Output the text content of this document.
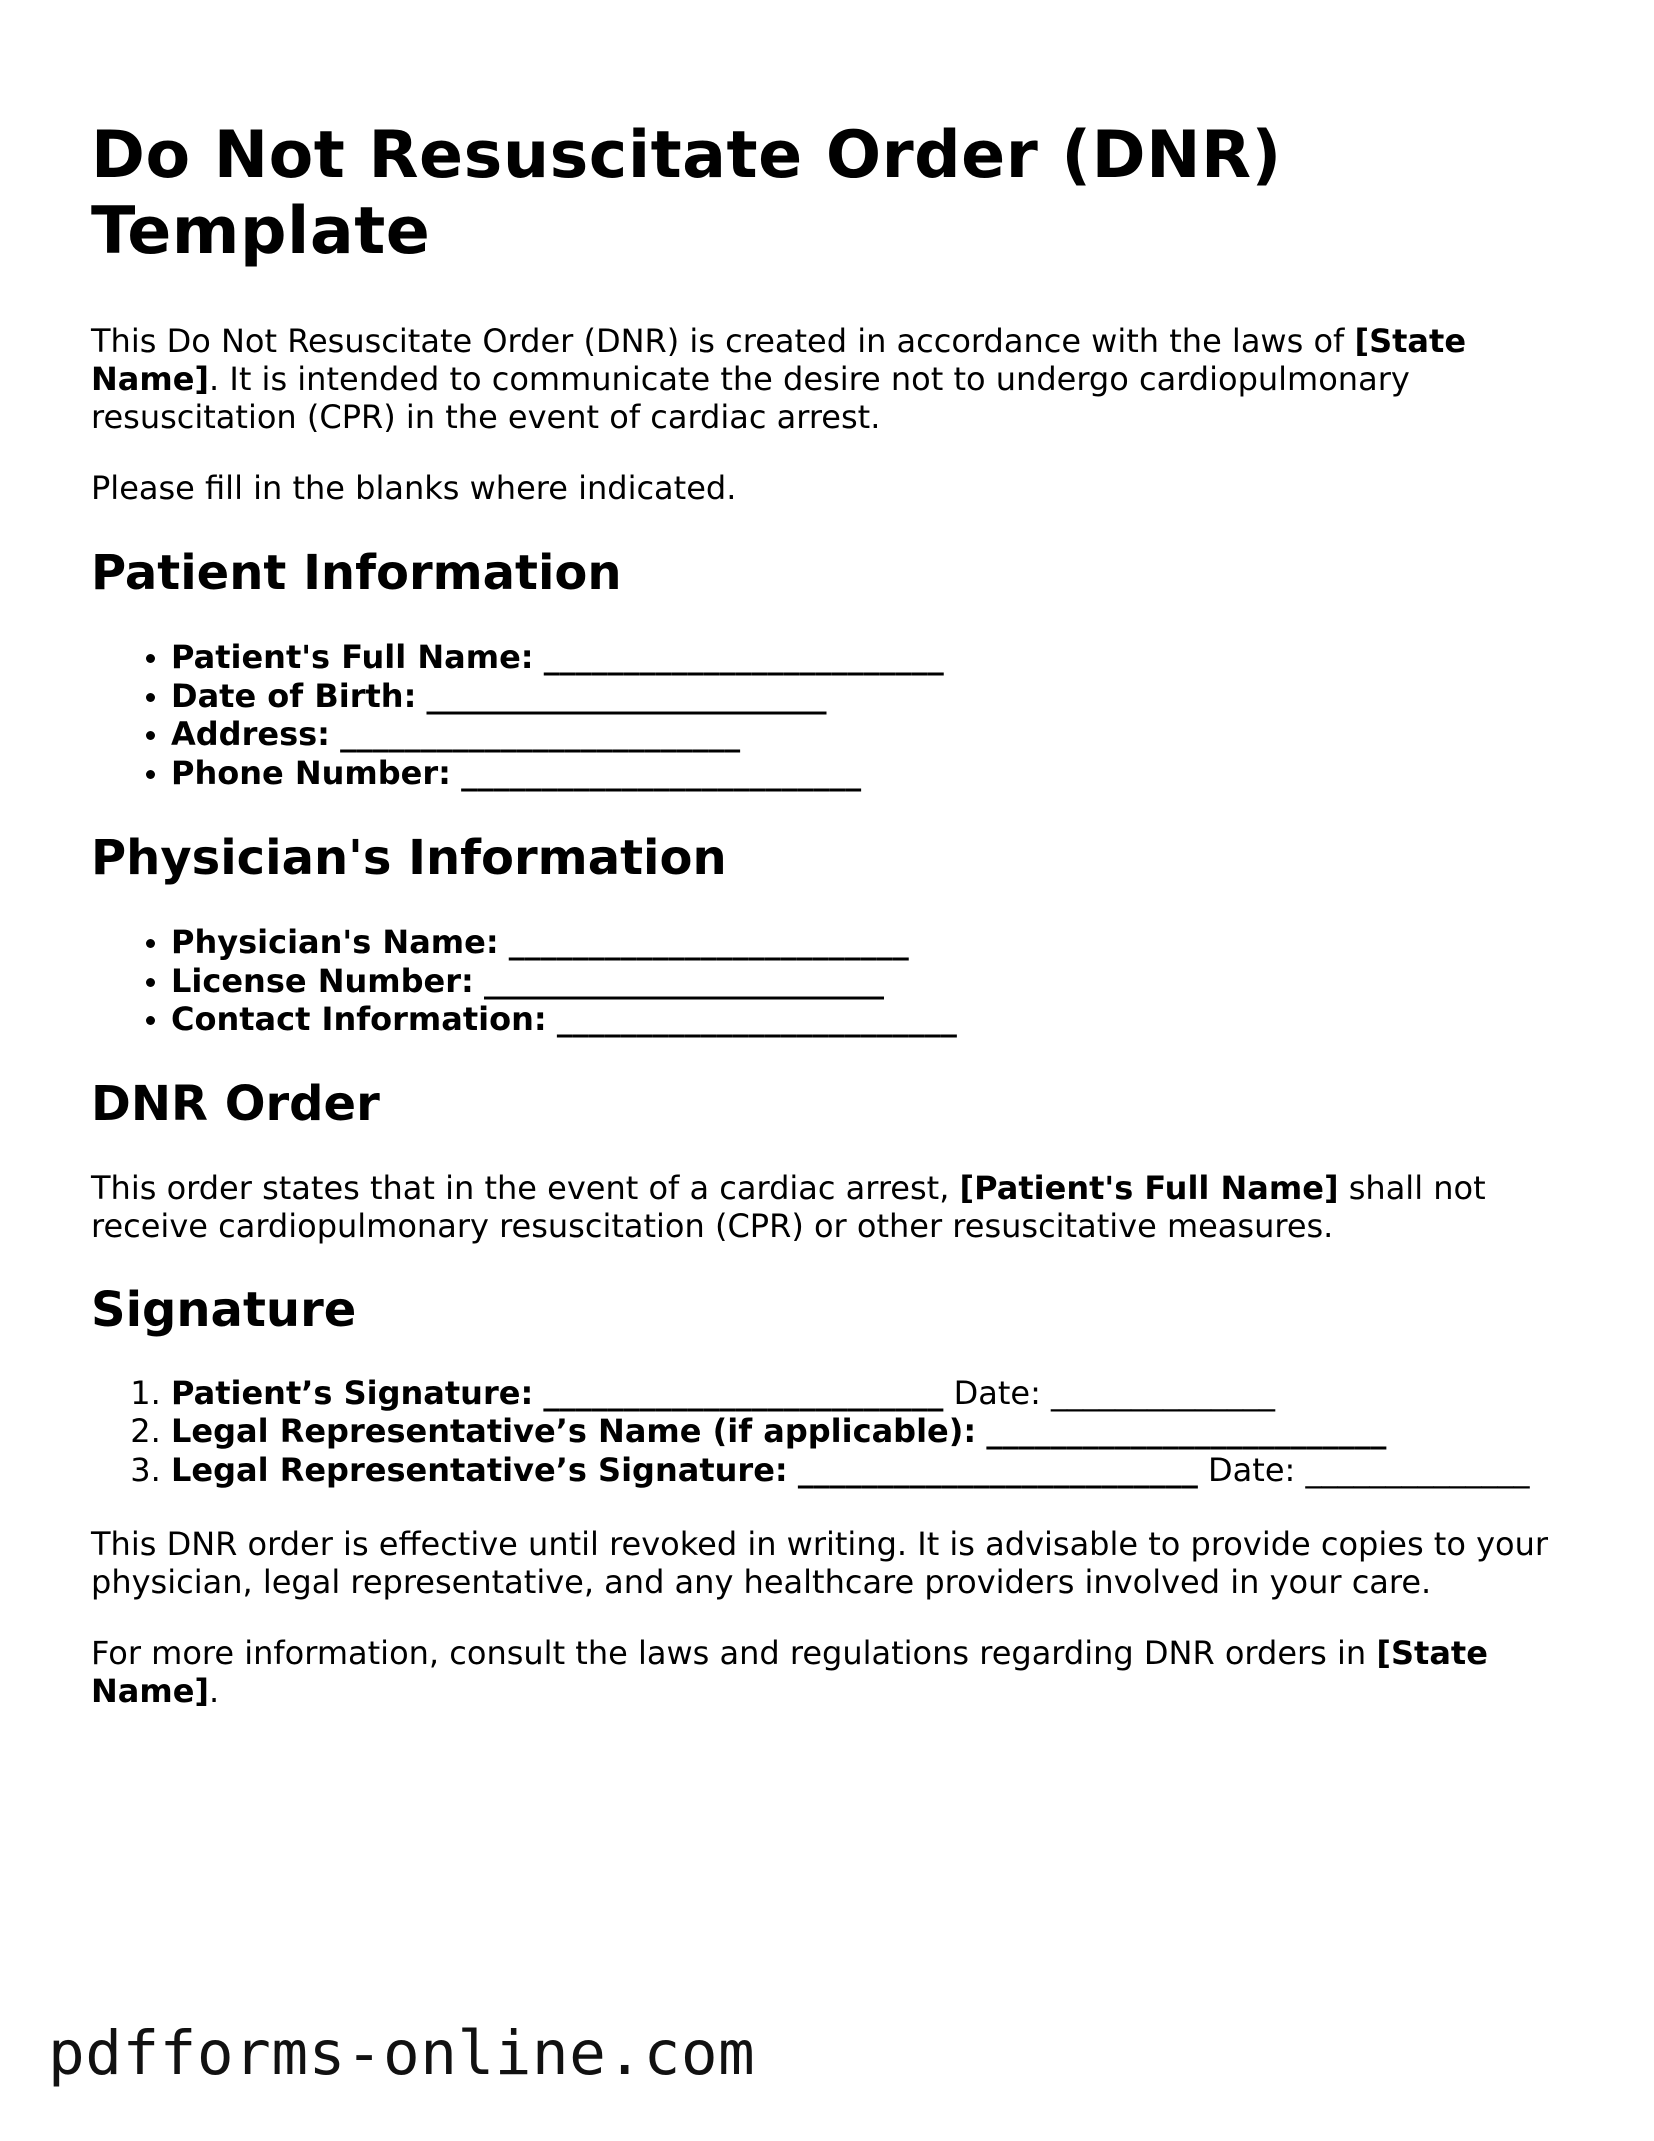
Do Not Resuscitate Order (DNR) Template

This Do Not Resuscitate Order (DNR) is created in accordance with the laws of [State Name]. It is intended to communicate the desire not to undergo cardiopulmonary resuscitation (CPR) in the event of cardiac arrest.

Please fill in the blanks where indicated.

Patient Information
• Patient's Full Name: _________________________
• Date of Birth: _________________________
• Address: _________________________
• Phone Number: _________________________
Physician's Information
• Physician's Name: _________________________
• License Number: _________________________
• Contact Information: _________________________
DNR Order

This order states that in the event of a cardiac arrest, [Patient's Full Name] shall not receive cardiopulmonary resuscitation (CPR) or other resuscitative measures.

Signature
1. Patient’s Signature: _________________________ Date: ______________
2. Legal Representative’s Name (if applicable): _________________________
3. Legal Representative’s Signature: _________________________ Date: ______________

This DNR order is effective until revoked in writing. It is advisable to provide copies to your physician, legal representative, and any healthcare providers involved in your care.

For more information, consult the laws and regulations regarding DNR orders in [State Name].

pdfforms-online.com
